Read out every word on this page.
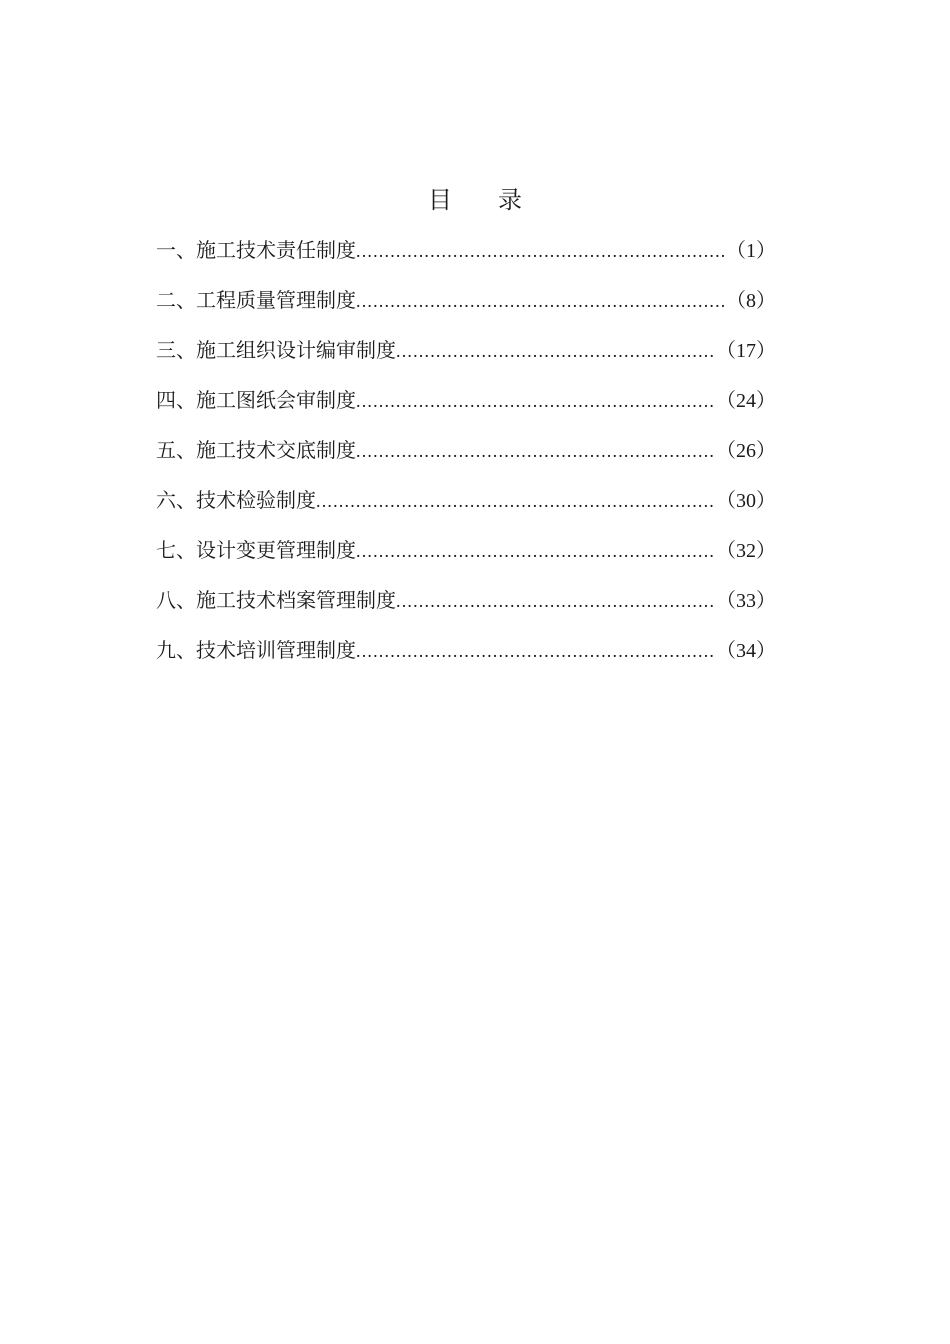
目录
一、施工技术责任制度 .....	（1）
二、工程质量管理制度 .....	（8）
三、施工组织设计编审制度 .....	（17）
四、施工图纸会审制度 .....	（24）
五、施工技术交底制度 .....	（26）
六、技术检验制度 .....	（30）
七、设计变更管理制度 .....	（32）
八、施工技术档案管理制度 .....	（33）
九、技术培训管理制度 .....	（34）
